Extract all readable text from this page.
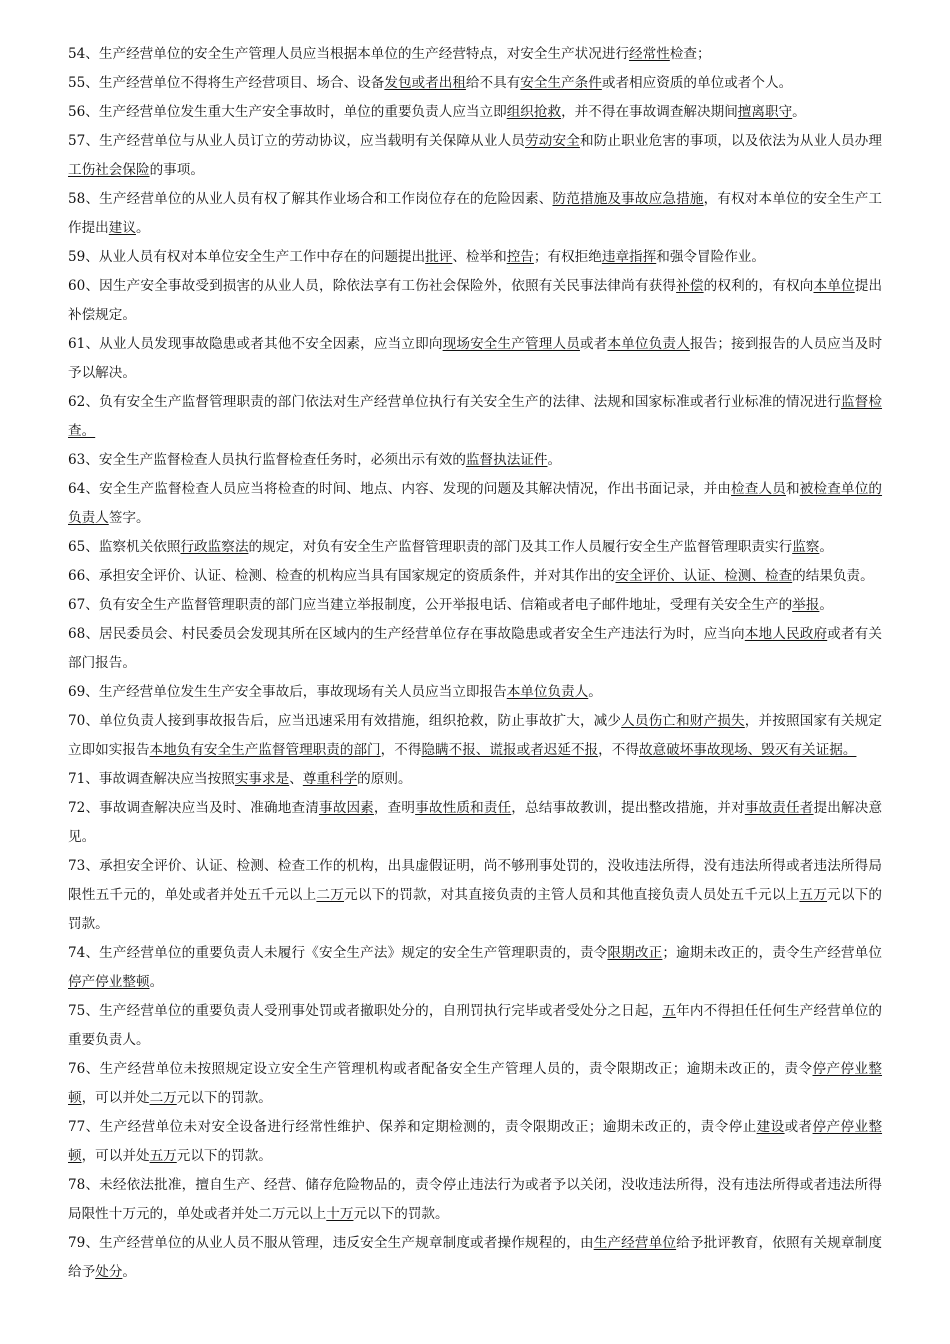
54、生产经营单位的安全生产管理人员应当根据本单位的生产经营特点，对安全生产状况进行经常性检查；

55、生产经营单位不得将生产经营项目、场合、设备发包或者出租给不具有安全生产条件或者相应资质的单位或者个人。

56、生产经营单位发生重大生产安全事故时，单位的重要负责人应当立即组织抢救，并不得在事故调查解决期间擅离职守。

57、生产经营单位与从业人员订立的劳动协议，应当载明有关保障从业人员劳动安全和防止职业危害的事项，以及依法为从业人员办理工伤社会保险的事项。

58、生产经营单位的从业人员有权了解其作业场合和工作岗位存在的危险因素、防范措施及事故应急措施，有权对本单位的安全生产工作提出建议。

59、从业人员有权对本单位安全生产工作中存在的问题提出批评、检举和控告；有权拒绝违章指挥和强令冒险作业。

60、因生产安全事故受到损害的从业人员，除依法享有工伤社会保险外，依照有关民事法律尚有获得补偿的权利的，有权向本单位提出补偿规定。

61、从业人员发现事故隐患或者其他不安全因素，应当立即向现场安全生产管理人员或者本单位负责人报告；接到报告的人员应当及时予以解决。

62、负有安全生产监督管理职责的部门依法对生产经营单位执行有关安全生产的法律、法规和国家标准或者行业标准的情况进行监督检查。

63、安全生产监督检查人员执行监督检查任务时，必须出示有效的监督执法证件。

64、安全生产监督检查人员应当将检查的时间、地点、内容、发现的问题及其解决情况，作出书面记录，并由检查人员和被检查单位的负责人签字。

65、监察机关依照行政监察法的规定，对负有安全生产监督管理职责的部门及其工作人员履行安全生产监督管理职责实行监察。

66、承担安全评价、认证、检测、检查的机构应当具有国家规定的资质条件，并对其作出的安全评价、认证、检测、检查的结果负责。

67、负有安全生产监督管理职责的部门应当建立举报制度，公开举报电话、信箱或者电子邮件地址，受理有关安全生产的举报。

68、居民委员会、村民委员会发现其所在区域内的生产经营单位存在事故隐患或者安全生产违法行为时，应当向本地人民政府或者有关部门报告。

69、生产经营单位发生生产安全事故后，事故现场有关人员应当立即报告本单位负责人。

70、单位负责人接到事故报告后，应当迅速采用有效措施，组织抢救，防止事故扩大，减少人员伤亡和财产损失，并按照国家有关规定立即如实报告本地负有安全生产监督管理职责的部门，不得隐瞒不报、谎报或者迟延不报，不得故意破坏事故现场、毁灭有关证据。

71、事故调查解决应当按照实事求是、尊重科学的原则。

72、事故调查解决应当及时、准确地查清事故因素，查明事故性质和责任，总结事故教训，提出整改措施，并对事故责任者提出解决意见。

73、承担安全评价、认证、检测、检查工作的机构，出具虚假证明，尚不够刑事处罚的，没收违法所得，没有违法所得或者违法所得局限性五千元的，单处或者并处五千元以上二万元以下的罚款，对其直接负责的主管人员和其他直接负责人员处五千元以上五万元以下的罚款。

74、生产经营单位的重要负责人未履行《安全生产法》规定的安全生产管理职责的，责令限期改正；逾期未改正的，责令生产经营单位停产停业整顿。

75、生产经营单位的重要负责人受刑事处罚或者撤职处分的，自刑罚执行完毕或者受处分之日起，五年内不得担任任何生产经营单位的重要负责人。

76、生产经营单位未按照规定设立安全生产管理机构或者配备安全生产管理人员的，责令限期改正；逾期未改正的，责令停产停业整顿，可以并处二万元以下的罚款。

77、生产经营单位未对安全设备进行经常性维护、保养和定期检测的，责令限期改正；逾期未改正的，责令停止建设或者停产停业整顿，可以并处五万元以下的罚款。

78、未经依法批准，擅自生产、经营、储存危险物品的，责令停止违法行为或者予以关闭，没收违法所得，没有违法所得或者违法所得局限性十万元的，单处或者并处二万元以上十万元以下的罚款。

79、生产经营单位的从业人员不服从管理，违反安全生产规章制度或者操作规程的，由生产经营单位给予批评教育，依照有关规章制度给予处分。
